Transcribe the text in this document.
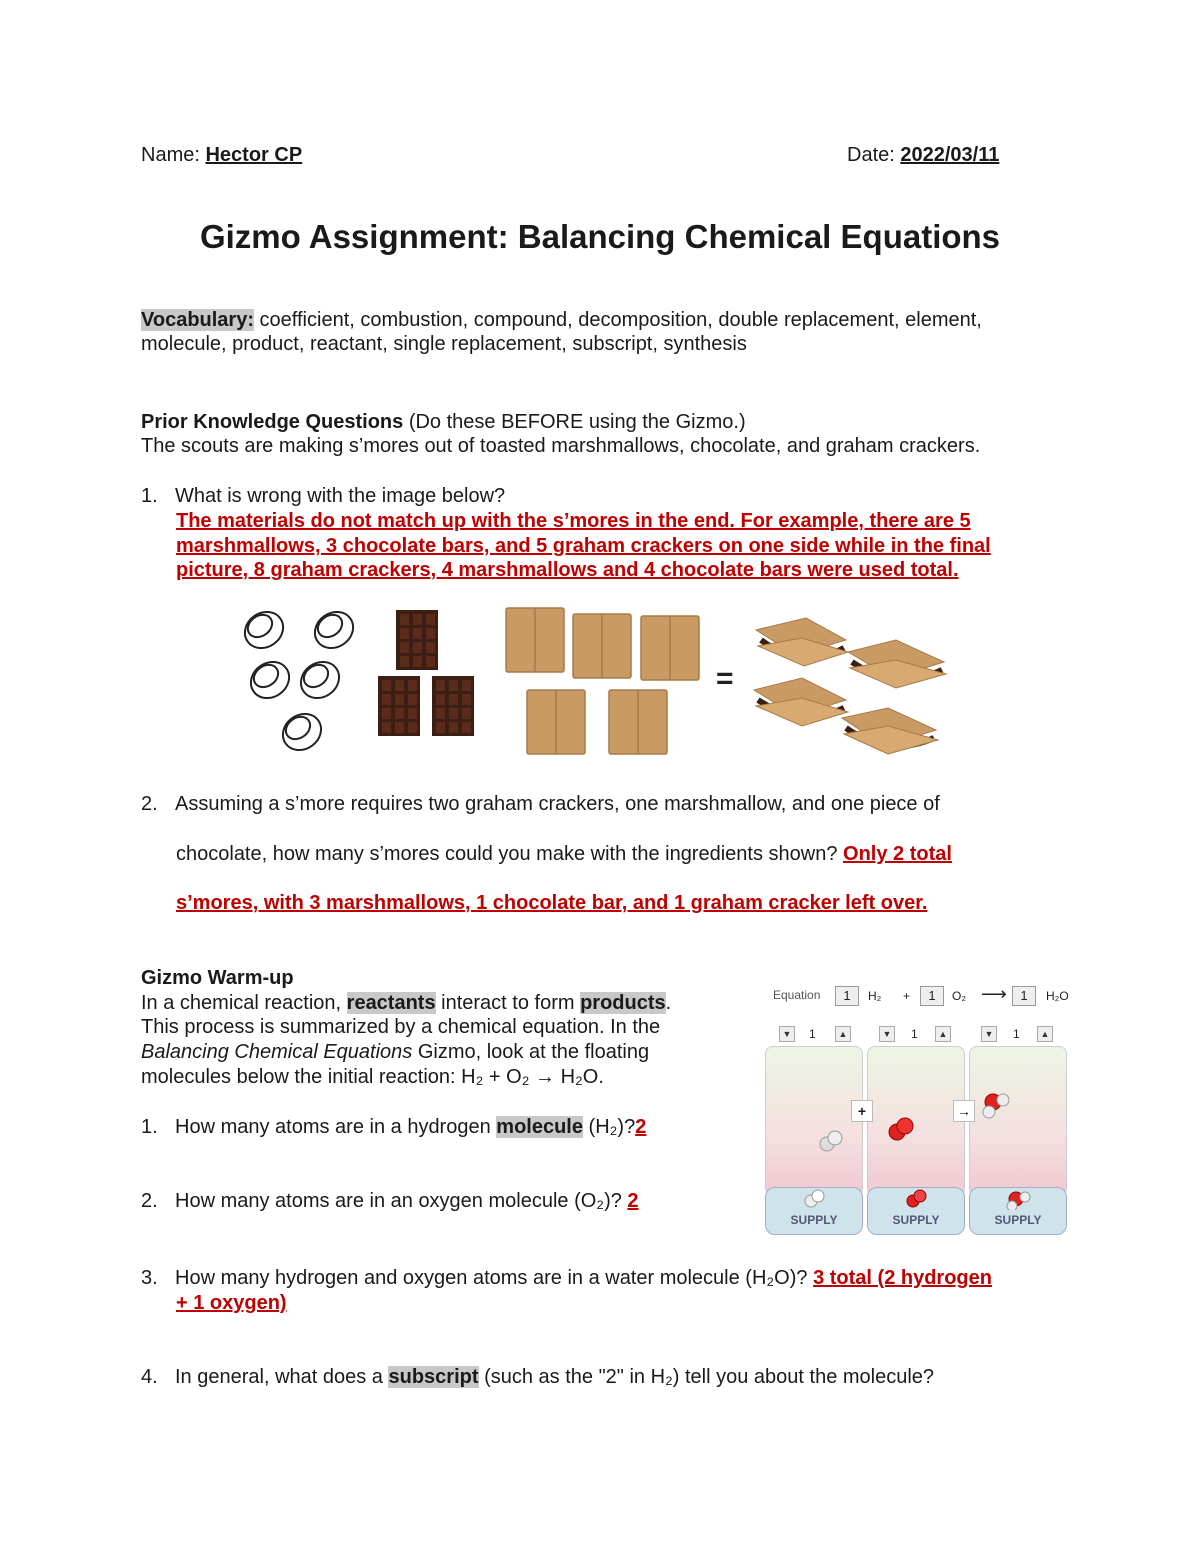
Name: Hector CP	Date: 2022/03/11
Gizmo Assignment: Balancing Chemical Equations
Vocabulary: coefficient, combustion, compound, decomposition, double replacement, element,
molecule, product, reactant, single replacement, subscript, synthesis
Prior Knowledge Questions (Do these BEFORE using the Gizmo.)
The scouts are making s’mores out of toasted marshmallows, chocolate, and graham crackers.
1. What is wrong with the image below?
The materials do not match up with the s’mores in the end. For example, there are 5
marshmallows, 3 chocolate bars, and 5 graham crackers on one side while in the final
picture, 8 graham crackers, 4 marshmallows and 4 chocolate bars were used total.
=
2. Assuming a s’more requires two graham crackers, one marshmallow, and one piece of
chocolate, how many s’mores could you make with the ingredients shown? Only 2 total
s’mores, with 3 marshmallows, 1 chocolate bar, and 1 graham cracker left over.
Gizmo Warm-up
In a chemical reaction, reactants interact to form products.
This process is summarized by a chemical equation. In the
Balancing Chemical Equations Gizmo, look at the floating
molecules below the initial reaction: H₂ + O₂ → H₂O.
1. How many atoms are in a hydrogen molecule (H₂)?2
2. How many atoms are in an oxygen molecule (O₂)? 2
3. How many hydrogen and oxygen atoms are in a water molecule (H₂O)? 3 total (2 hydrogen
+ 1 oxygen)
4. In general, what does a subscript (such as the "2" in H₂) tell you about the molecule?
Equation	1	H₂ +	1	O₂ ⟶	1	H₂O
▼ 1	▲	▼ 1	▲	▼ 1	▲
+	→
SUPPLY	SUPPLY	SUPPLY
